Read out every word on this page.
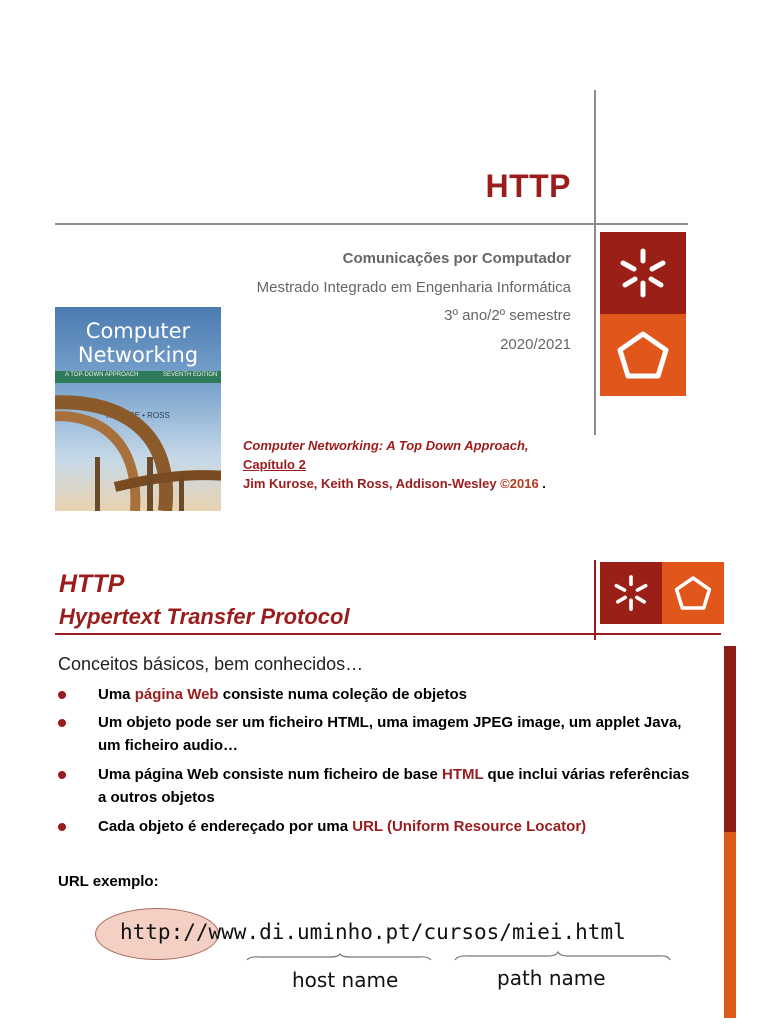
HTTP
Comunicações por Computador
Mestrado Integrado em Engenharia Informática
3º ano/2º semestre
2020/2021
Computer
Networking
A TOP-DOWN APPROACH	SEVENTH EDITION
KUROSE • ROSS
Computer Networking: A Top Down Approach,
Capítulo 2
Jim Kurose, Keith Ross, Addison-Wesley ©2016 .
HTTP
Hypertext Transfer Protocol
Conceitos básicos, bem conhecidos…
Uma página Web consiste numa coleção de objetos
Um objeto pode ser um ficheiro HTML, uma imagem JPEG image, um applet Java, um ficheiro audio…
Uma página Web consiste num ficheiro de base HTML que inclui várias referências a outros objetos
Cada objeto é endereçado por uma URL (Uniform Resource Locator)
URL exemplo:
http://www.di.uminho.pt/cursos/miei.html
host name	path name
